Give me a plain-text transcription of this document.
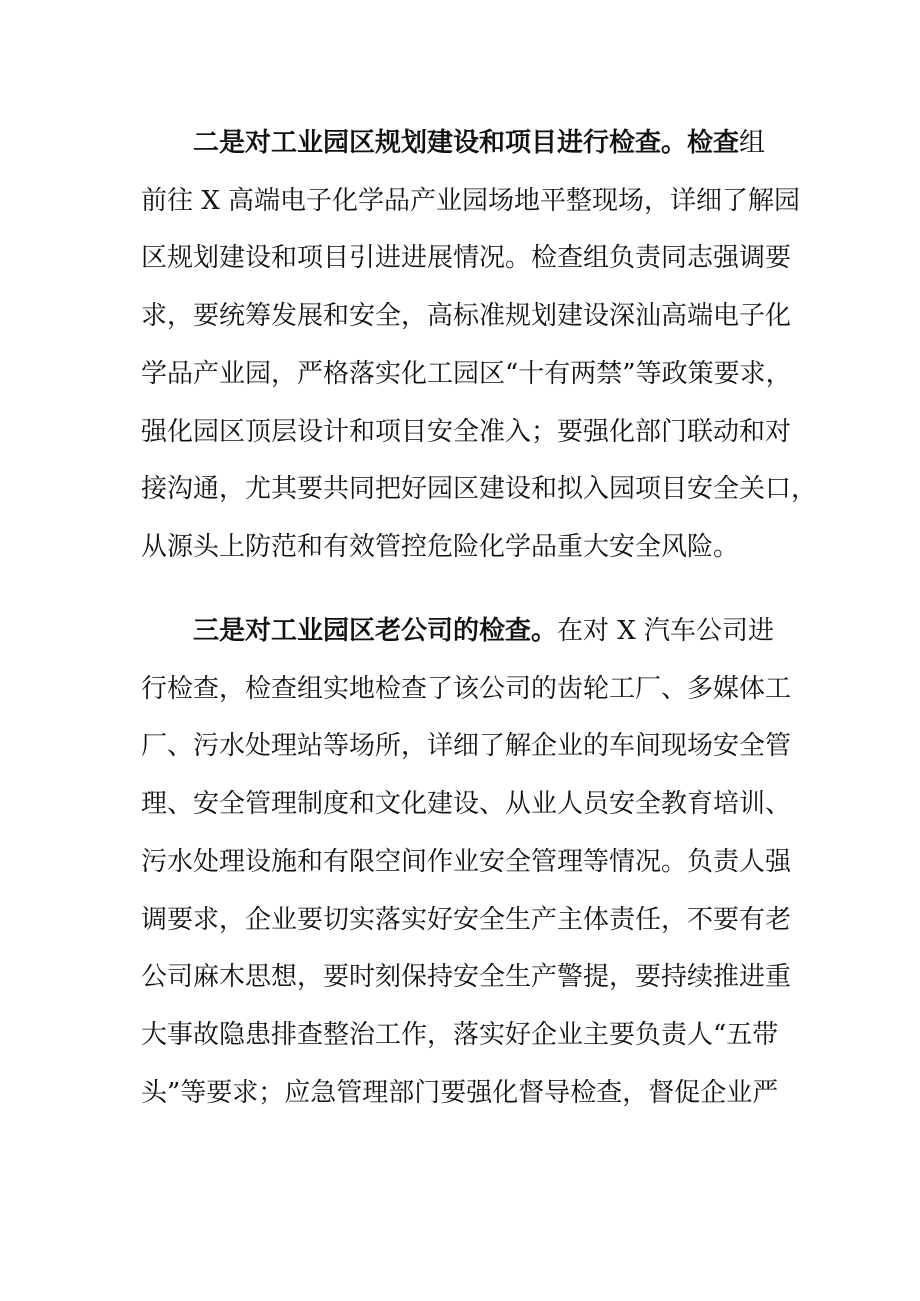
二是对工业园区规划建设和项目进行检查。检查组
前往 X 高端电子化学品产业园场地平整现场，详细了解园
区规划建设和项目引进进展情况。检查组负责同志强调要
求，要统筹发展和安全，高标准规划建设深汕高端电子化
学品产业园，严格落实化工园区“十有两禁”等政策要求，
强化园区顶层设计和项目安全准入；要强化部门联动和对
接沟通，尤其要共同把好园区建设和拟入园项目安全关口，
从源头上防范和有效管控危险化学品重大安全风险。
三是对工业园区老公司的检查。在对 X 汽车公司进
行检查，检查组实地检查了该公司的齿轮工厂、多媒体工
厂、污水处理站等场所，详细了解企业的车间现场安全管
理、安全管理制度和文化建设、从业人员安全教育培训、
污水处理设施和有限空间作业安全管理等情况。负责人强
调要求，企业要切实落实好安全生产主体责任，不要有老
公司麻木思想，要时刻保持安全生产警提，要持续推进重
大事故隐患排查整治工作，落实好企业主要负责人“五带
头”等要求；应急管理部门要强化督导检查，督促企业严
